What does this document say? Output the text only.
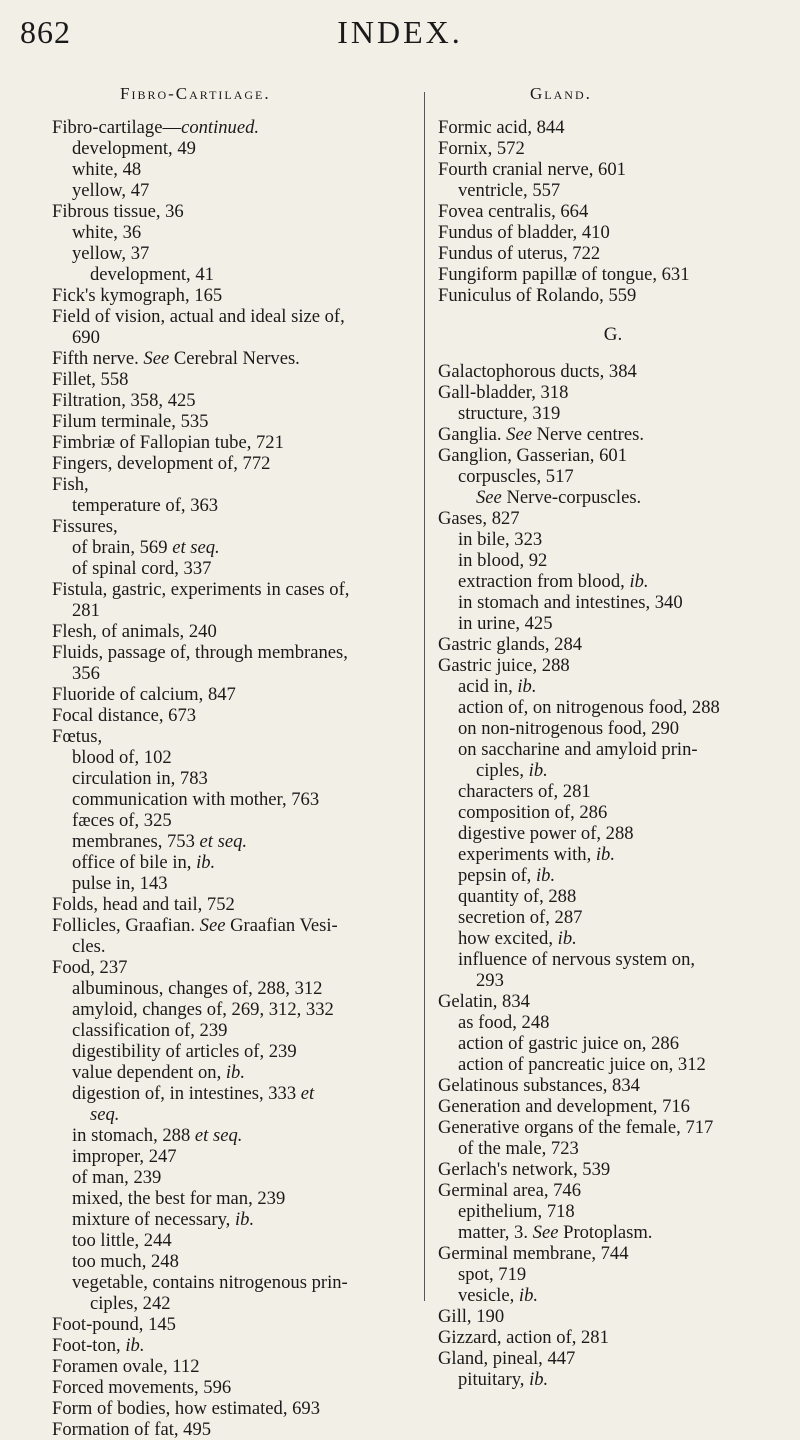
862	INDEX.
Fibro-Cartilage.	Gland.
Fibro-cartilage—continued.
development, 49
white, 48
yellow, 47
Fibrous tissue, 36
white, 36
yellow, 37
development, 41
Fick's kymograph, 165
Field of vision, actual and ideal size of,
690
Fifth nerve. See Cerebral Nerves.
Fillet, 558
Filtration, 358, 425
Filum terminale, 535
Fimbriæ of Fallopian tube, 721
Fingers, development of, 772
Fish,
temperature of, 363
Fissures,
of brain, 569 et seq.
of spinal cord, 337
Fistula, gastric, experiments in cases of,
281
Flesh, of animals, 240
Fluids, passage of, through membranes,
356
Fluoride of calcium, 847
Focal distance, 673
Fœtus,
blood of, 102
circulation in, 783
communication with mother, 763
fæces of, 325
membranes, 753 et seq.
office of bile in, ib.
pulse in, 143
Folds, head and tail, 752
Follicles, Graafian. See Graafian Vesi-
cles.
Food, 237
albuminous, changes of, 288, 312
amyloid, changes of, 269, 312, 332
classification of, 239
digestibility of articles of, 239
value dependent on, ib.
digestion of, in intestines, 333 et
seq.
in stomach, 288 et seq.
improper, 247
of man, 239
mixed, the best for man, 239
mixture of necessary, ib.
too little, 244
too much, 248
vegetable, contains nitrogenous prin-
ciples, 242
Foot-pound, 145
Foot-ton, ib.
Foramen ovale, 112
Forced movements, 596
Form of bodies, how estimated, 693
Formation of fat, 495
Formic acid, 844
Fornix, 572
Fourth cranial nerve, 601
ventricle, 557
Fovea centralis, 664
Fundus of bladder, 410
Fundus of uterus, 722
Fungiform papillæ of tongue, 631
Funiculus of Rolando, 559
G.
Galactophorous ducts, 384
Gall-bladder, 318
structure, 319
Ganglia. See Nerve centres.
Ganglion, Gasserian, 601
corpuscles, 517
See Nerve-corpuscles.
Gases, 827
in bile, 323
in blood, 92
extraction from blood, ib.
in stomach and intestines, 340
in urine, 425
Gastric glands, 284
Gastric juice, 288
acid in, ib.
action of, on nitrogenous food, 288
on non-nitrogenous food, 290
on saccharine and amyloid prin-
ciples, ib.
characters of, 281
composition of, 286
digestive power of, 288
experiments with, ib.
pepsin of, ib.
quantity of, 288
secretion of, 287
how excited, ib.
influence of nervous system on,
293
Gelatin, 834
as food, 248
action of gastric juice on, 286
action of pancreatic juice on, 312
Gelatinous substances, 834
Generation and development, 716
Generative organs of the female, 717
of the male, 723
Gerlach's network, 539
Germinal area, 746
epithelium, 718
matter, 3. See Protoplasm.
Germinal membrane, 744
spot, 719
vesicle, ib.
Gill, 190
Gizzard, action of, 281
Gland, pineal, 447
pituitary, ib.
